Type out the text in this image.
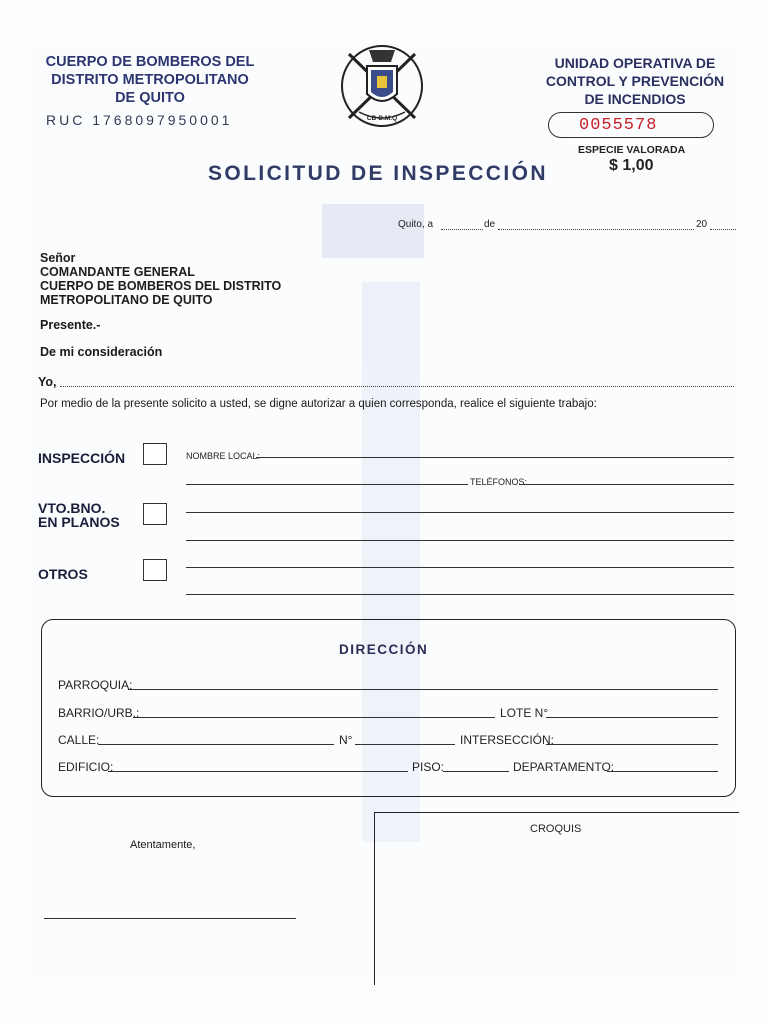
CUERPO DE BOMBEROS DEL
DISTRITO METROPOLITANO
DE QUITO
RUC 1768097950001	CB-D.M.Q
UNIDAD OPERATIVA DE
CONTROL Y PREVENCIÓN
DE INCENDIOS
0055578
ESPECIE VALORADA
$ 1,00
SOLICITUD DE INSPECCIÓN
Quito, a	de	20
Señor
COMANDANTE GENERAL
CUERPO DE BOMBEROS DEL DISTRITO
METROPOLITANO DE QUITO
Presente.-
De mi consideración
Yo,
Por medio de la presente solicito a usted, se digne autorizar a quien corresponda, realice el siguiente trabajo:
INSPECCIÓN	NOMBRE LOCAL:
TELÉFONOS:
VTO.BNO.
EN PLANOS
OTROS
DIRECCIÓN
PARROQUIA:
BARRIO/URB.:	LOTE N°
CALLE:	N°	INTERSECCIÓN:
EDIFICIO:	PISO:	DEPARTAMENTO:
Atentamente,
CROQUIS
